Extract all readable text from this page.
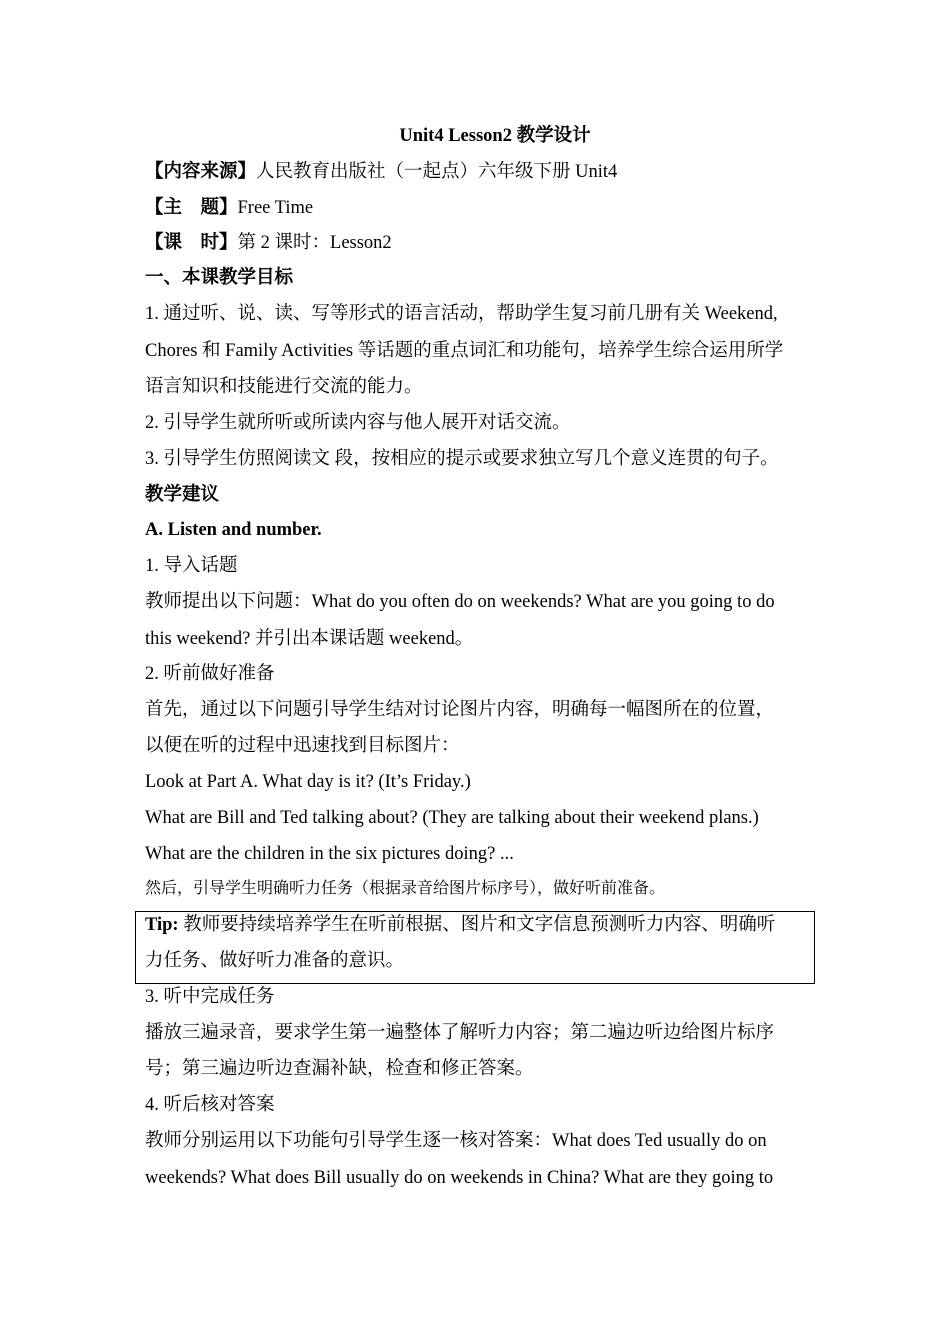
Unit4 Lesson2 教学设计
【内容来源】人民教育出版社（一起点）六年级下册 Unit4
【主　题】Free Time
【课　时】第 2 课时：Lesson2
一、本课教学目标
1. 通过听、说、读、写等形式的语言活动，帮助学生复习前几册有关 Weekend,
Chores 和 Family Activities 等话题的重点词汇和功能句，培养学生综合运用所学
语言知识和技能进行交流的能力。
2. 引导学生就所听或所读内容与他人展开对话交流。
3. 引导学生仿照阅读文 段，按相应的提示或要求独立写几个意义连贯的句子。
教学建议
A. Listen and number.
1. 导入话题
教师提出以下问题：What do you often do on weekends? What are you going to do
this weekend? 并引出本课话题 weekend。
2. 听前做好准备
首先，通过以下问题引导学生结对讨论图片内容，明确每一幅图所在的位置，
以便在听的过程中迅速找到目标图片：
Look at Part A. What day is it? (It’s Friday.)
What are Bill and Ted talking about? (They are talking about their weekend plans.)
What are the children in the six pictures doing? ...
然后，引导学生明确听力任务（根据录音给图片标序号），做好听前准备。
Tip: 教师要持续培养学生在听前根据、图片和文字信息预测听力内容、明确听
力任务、做好听力准备的意识。
3. 听中完成任务
播放三遍录音，要求学生第一遍整体了解听力内容；第二遍边听边给图片标序
号；第三遍边听边查漏补缺，检查和修正答案。
4. 听后核对答案
教师分别运用以下功能句引导学生逐一核对答案：What does Ted usually do on
weekends? What does Bill usually do on weekends in China? What are they going to
